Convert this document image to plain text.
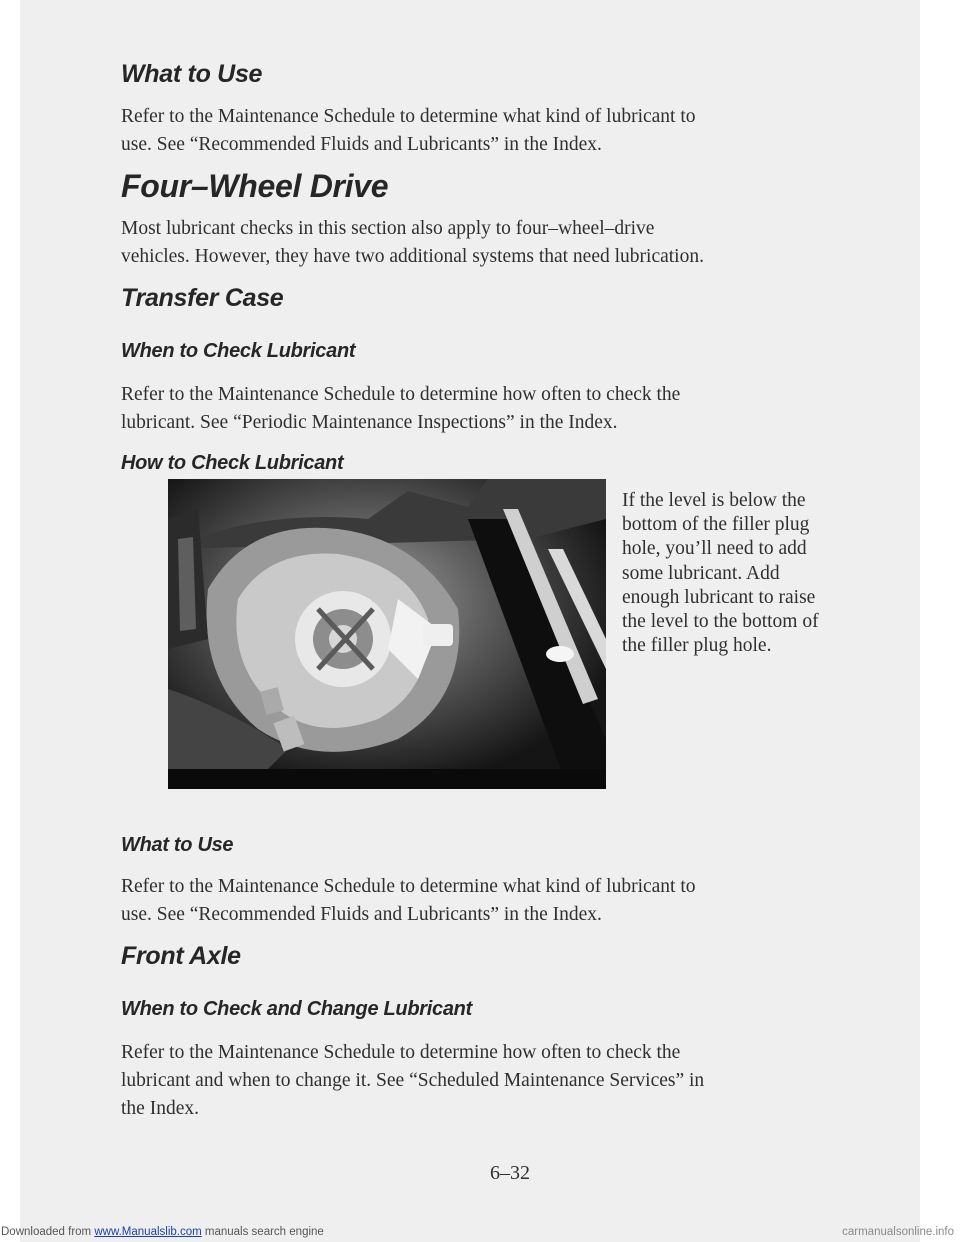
What to Use
Refer to the Maintenance Schedule to determine what kind of lubricant to
use. See “Recommended Fluids and Lubricants” in the Index.
Four–Wheel Drive
Most lubricant checks in this section also apply to four–wheel–drive
vehicles. However, they have two additional systems that need lubrication.
Transfer Case
When to Check Lubricant
Refer to the Maintenance Schedule to determine how often to check the
lubricant. See “Periodic Maintenance Inspections” in the Index.
How to Check Lubricant
If the level is below the bottom of the filler plug hole, you’ll need to add some lubricant. Add enough lubricant to raise the level to the bottom of the filler plug hole.
What to Use
Refer to the Maintenance Schedule to determine what kind of lubricant to
use. See “Recommended Fluids and Lubricants” in the Index.
Front Axle
When to Check and Change Lubricant
Refer to the Maintenance Schedule to determine how often to check the
lubricant and when to change it. See “Scheduled Maintenance Services” in
the Index.
6–32
Downloaded from www.Manualslib.com manuals search engine	carmanualsonline.info
